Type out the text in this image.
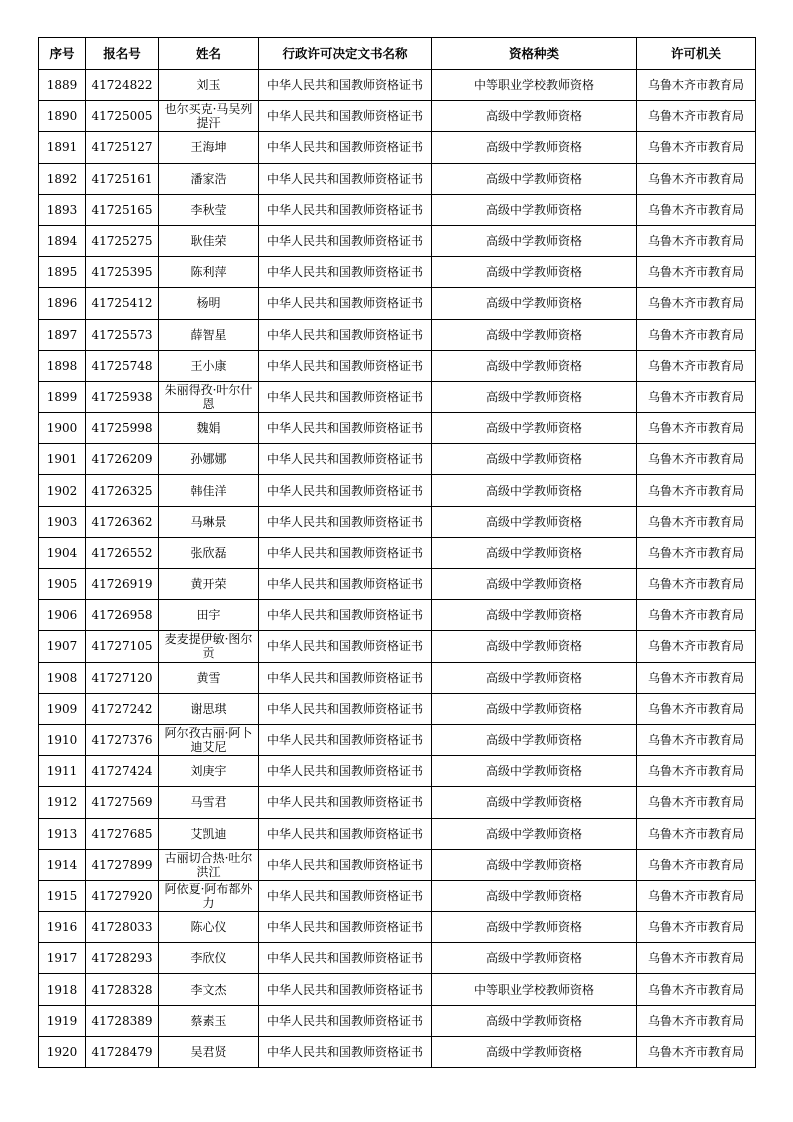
序号	报名号	姓名	行政许可决定文书名称	资格种类	许可机关
1889	41724822	刘玉	中华人民共和国教师资格证书	中等职业学校教师资格	乌鲁木齐市教育局
1890	41725005	也尔买克·马吴列提汗	中华人民共和国教师资格证书	高级中学教师资格	乌鲁木齐市教育局
1891	41725127	王海坤	中华人民共和国教师资格证书	高级中学教师资格	乌鲁木齐市教育局
1892	41725161	潘家浩	中华人民共和国教师资格证书	高级中学教师资格	乌鲁木齐市教育局
1893	41725165	李秋莹	中华人民共和国教师资格证书	高级中学教师资格	乌鲁木齐市教育局
1894	41725275	耿佳荣	中华人民共和国教师资格证书	高级中学教师资格	乌鲁木齐市教育局
1895	41725395	陈利萍	中华人民共和国教师资格证书	高级中学教师资格	乌鲁木齐市教育局
1896	41725412	杨明	中华人民共和国教师资格证书	高级中学教师资格	乌鲁木齐市教育局
1897	41725573	薛智星	中华人民共和国教师资格证书	高级中学教师资格	乌鲁木齐市教育局
1898	41725748	王小康	中华人民共和国教师资格证书	高级中学教师资格	乌鲁木齐市教育局
1899	41725938	朱丽得孜·叶尔什恩	中华人民共和国教师资格证书	高级中学教师资格	乌鲁木齐市教育局
1900	41725998	魏娟	中华人民共和国教师资格证书	高级中学教师资格	乌鲁木齐市教育局
1901	41726209	孙娜娜	中华人民共和国教师资格证书	高级中学教师资格	乌鲁木齐市教育局
1902	41726325	韩佳洋	中华人民共和国教师资格证书	高级中学教师资格	乌鲁木齐市教育局
1903	41726362	马琳景	中华人民共和国教师资格证书	高级中学教师资格	乌鲁木齐市教育局
1904	41726552	张欣磊	中华人民共和国教师资格证书	高级中学教师资格	乌鲁木齐市教育局
1905	41726919	黄开荣	中华人民共和国教师资格证书	高级中学教师资格	乌鲁木齐市教育局
1906	41726958	田宇	中华人民共和国教师资格证书	高级中学教师资格	乌鲁木齐市教育局
1907	41727105	麦麦提伊敏·图尔贡	中华人民共和国教师资格证书	高级中学教师资格	乌鲁木齐市教育局
1908	41727120	黄雪	中华人民共和国教师资格证书	高级中学教师资格	乌鲁木齐市教育局
1909	41727242	谢思琪	中华人民共和国教师资格证书	高级中学教师资格	乌鲁木齐市教育局
1910	41727376	阿尔孜古丽·阿卜迪艾尼	中华人民共和国教师资格证书	高级中学教师资格	乌鲁木齐市教育局
1911	41727424	刘庚宇	中华人民共和国教师资格证书	高级中学教师资格	乌鲁木齐市教育局
1912	41727569	马雪君	中华人民共和国教师资格证书	高级中学教师资格	乌鲁木齐市教育局
1913	41727685	艾凯迪	中华人民共和国教师资格证书	高级中学教师资格	乌鲁木齐市教育局
1914	41727899	古丽切合热·吐尔洪江	中华人民共和国教师资格证书	高级中学教师资格	乌鲁木齐市教育局
1915	41727920	阿依夏·阿布都外力	中华人民共和国教师资格证书	高级中学教师资格	乌鲁木齐市教育局
1916	41728033	陈心仪	中华人民共和国教师资格证书	高级中学教师资格	乌鲁木齐市教育局
1917	41728293	李欣仪	中华人民共和国教师资格证书	高级中学教师资格	乌鲁木齐市教育局
1918	41728328	李文杰	中华人民共和国教师资格证书	中等职业学校教师资格	乌鲁木齐市教育局
1919	41728389	蔡素玉	中华人民共和国教师资格证书	高级中学教师资格	乌鲁木齐市教育局
1920	41728479	吴君贤	中华人民共和国教师资格证书	高级中学教师资格	乌鲁木齐市教育局
